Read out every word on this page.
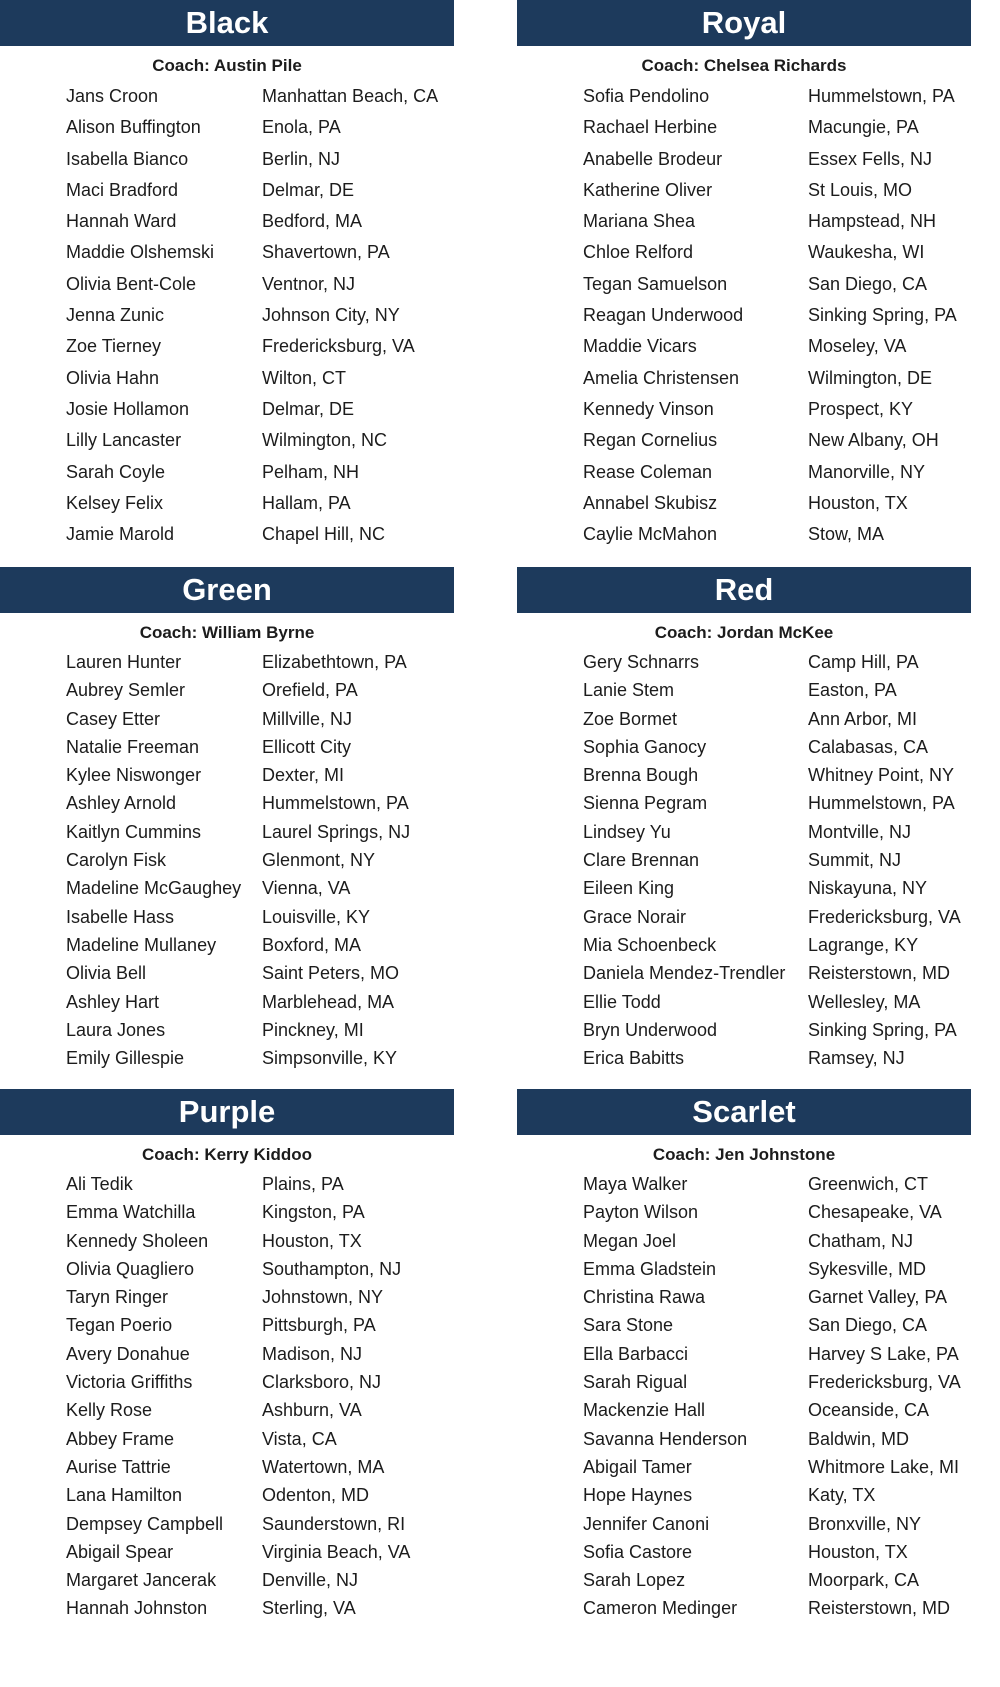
Black
Coach: Austin Pile
Jans Croon	Manhattan Beach, CA
Alison Buffington	Enola, PA
Isabella Bianco	Berlin, NJ
Maci Bradford	Delmar, DE
Hannah Ward	Bedford, MA
Maddie Olshemski	Shavertown, PA
Olivia Bent-Cole	Ventnor, NJ
Jenna Zunic	Johnson City, NY
Zoe Tierney	Fredericksburg, VA
Olivia Hahn	Wilton, CT
Josie Hollamon	Delmar, DE
Lilly Lancaster	Wilmington, NC
Sarah Coyle	Pelham, NH
Kelsey Felix	Hallam, PA
Jamie Marold	Chapel Hill, NC
Royal
Coach: Chelsea Richards
Sofia Pendolino	Hummelstown, PA
Rachael Herbine	Macungie, PA
Anabelle Brodeur	Essex Fells, NJ
Katherine Oliver	St Louis, MO
Mariana Shea	Hampstead, NH
Chloe Relford	Waukesha, WI
Tegan Samuelson	San Diego, CA
Reagan Underwood	Sinking Spring, PA
Maddie Vicars	Moseley, VA
Amelia Christensen	Wilmington, DE
Kennedy Vinson	Prospect, KY
Regan Cornelius	New Albany, OH
Rease Coleman	Manorville, NY
Annabel Skubisz	Houston, TX
Caylie McMahon	Stow, MA
Green
Coach: William Byrne
Lauren Hunter	Elizabethtown, PA
Aubrey Semler	Orefield, PA
Casey Etter	Millville, NJ
Natalie Freeman	Ellicott City
Kylee Niswonger	Dexter, MI
Ashley Arnold	Hummelstown, PA
Kaitlyn Cummins	Laurel Springs, NJ
Carolyn Fisk	Glenmont, NY
Madeline McGaughey	Vienna, VA
Isabelle Hass	Louisville, KY
Madeline Mullaney	Boxford, MA
Olivia Bell	Saint Peters, MO
Ashley Hart	Marblehead, MA
Laura Jones	Pinckney, MI
Emily Gillespie	Simpsonville, KY
Red
Coach: Jordan McKee
Gery Schnarrs	Camp Hill, PA
Lanie Stem	Easton, PA
Zoe Bormet	Ann Arbor, MI
Sophia Ganocy	Calabasas, CA
Brenna Bough	Whitney Point, NY
Sienna Pegram	Hummelstown, PA
Lindsey Yu	Montville, NJ
Clare Brennan	Summit, NJ
Eileen King	Niskayuna, NY
Grace Norair	Fredericksburg, VA
Mia Schoenbeck	Lagrange, KY
Daniela Mendez-Trendler	Reisterstown, MD
Ellie Todd	Wellesley, MA
Bryn Underwood	Sinking Spring, PA
Erica Babitts	Ramsey, NJ
Purple
Coach: Kerry Kiddoo
Ali Tedik	Plains, PA
Emma Watchilla	Kingston, PA
Kennedy Sholeen	Houston, TX
Olivia Quagliero	Southampton, NJ
Taryn Ringer	Johnstown, NY
Tegan Poerio	Pittsburgh, PA
Avery Donahue	Madison, NJ
Victoria Griffiths	Clarksboro, NJ
Kelly Rose	Ashburn, VA
Abbey Frame	Vista, CA
Aurise Tattrie	Watertown, MA
Lana Hamilton	Odenton, MD
Dempsey Campbell	Saunderstown, RI
Abigail Spear	Virginia Beach, VA
Margaret Jancerak	Denville, NJ
Hannah Johnston	Sterling, VA
Scarlet
Coach: Jen Johnstone
Maya Walker	Greenwich, CT
Payton Wilson	Chesapeake, VA
Megan Joel	Chatham, NJ
Emma Gladstein	Sykesville, MD
Christina Rawa	Garnet Valley, PA
Sara Stone	San Diego, CA
Ella Barbacci	Harvey S Lake, PA
Sarah Rigual	Fredericksburg, VA
Mackenzie Hall	Oceanside, CA
Savanna Henderson	Baldwin, MD
Abigail Tamer	Whitmore Lake, MI
Hope Haynes	Katy, TX
Jennifer Canoni	Bronxville, NY
Sofia Castore	Houston, TX
Sarah Lopez	Moorpark, CA
Cameron Medinger	Reisterstown, MD
